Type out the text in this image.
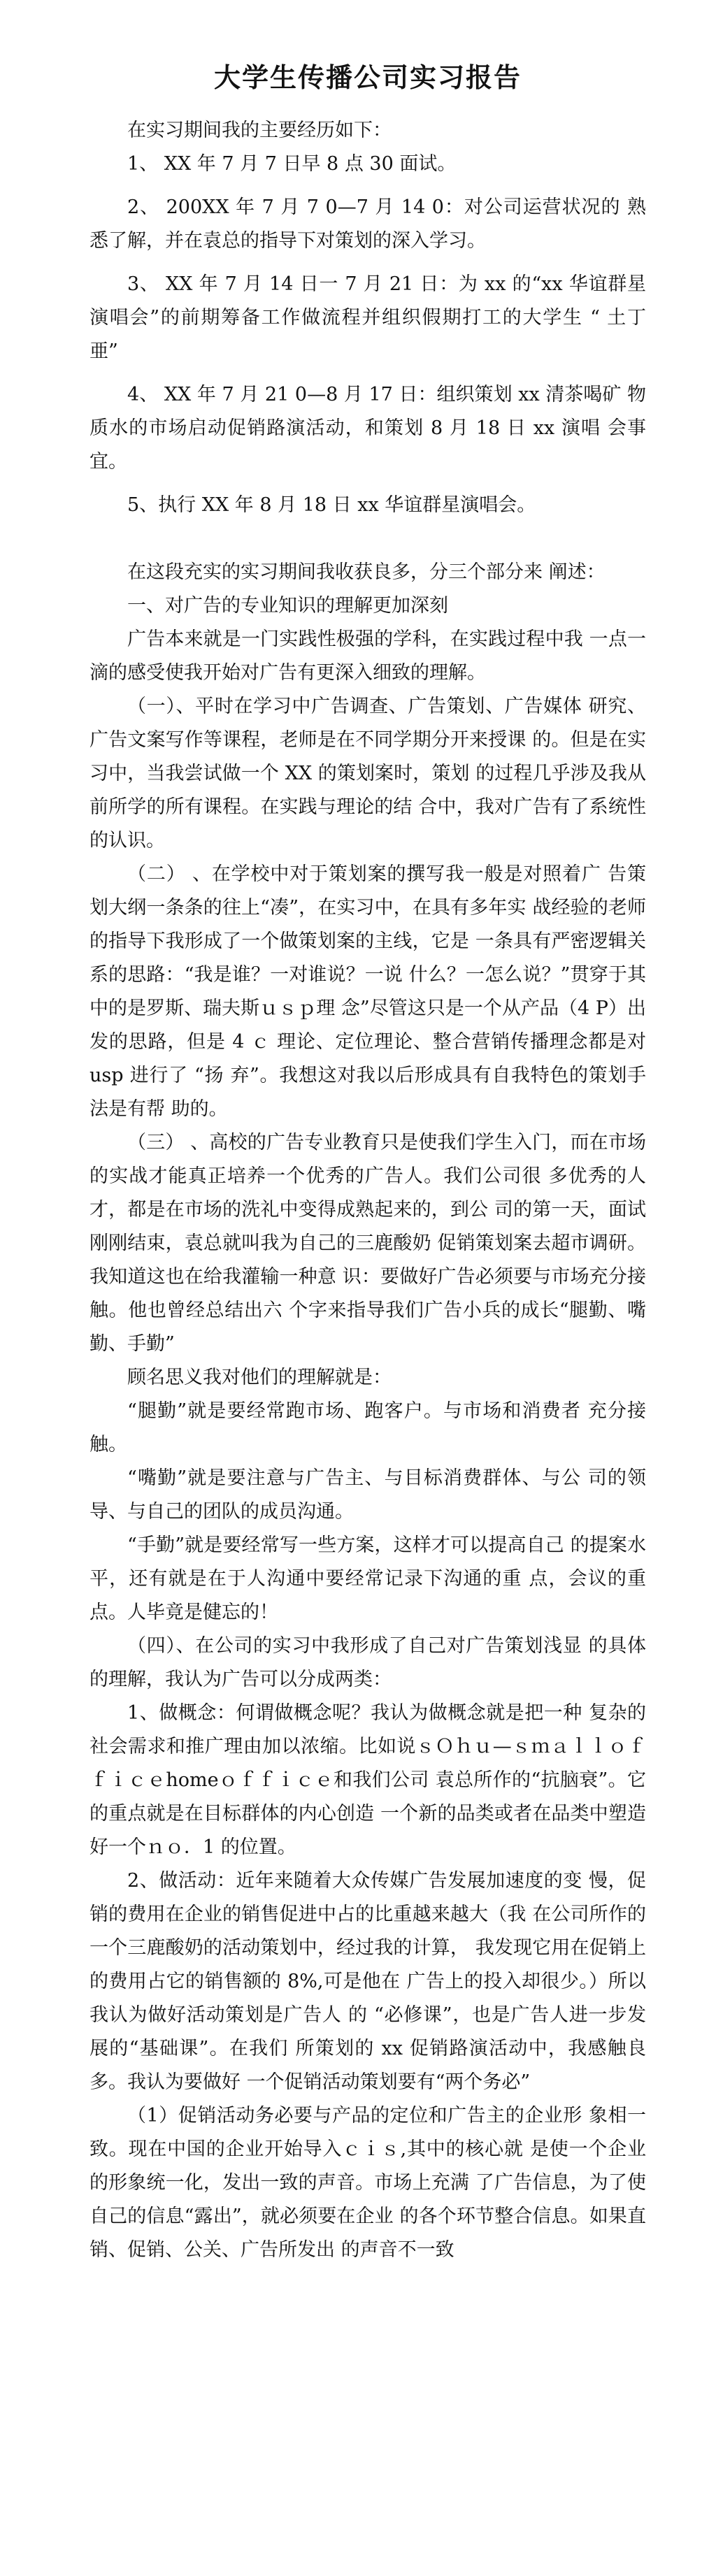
大学生传播公司实习报告

在实习期间我的主要经历如下：

1、 XX 年 7 月 7 日早 8 点 30 面试。

2、 200XX 年 7 月 7 0—7 月 14 0：对公司运营状况的 熟悉了解，并在袁总的指导下对策划的深入学习。

3、 XX 年 7 月 14 日一 7 月 21 日：为 xx 的“xx 华谊群星 演唱会”的前期筹备工作做流程并组织假期打工的大学生 “ 土丁 亜”

4、 XX 年 7 月 21 0—8 月 17 日：组织策划 xx 清茶喝矿 物质水的市场启动促销路演活动，和策划 8 月 18 日 xx 演唱 会事宜。

5、执行 XX 年 8 月 18 日 xx 华谊群星演唱会。

在这段充实的实习期间我收获良多，分三个部分来 阐述：

一、对广告的专业知识的理解更加深刻

广告本来就是一门实践性极强的学科，在实践过程中我 一点一滴的感受使我开始对广告有更深入细致的理解。

（一）、平时在学习中广告调查、广告策划、广告媒体 研究、广告文案写作等课程，老师是在不同学期分开来授课 的。但是在实习中，当我尝试做一个 XX 的策划案时，策划 的过程几乎涉及我从前所学的所有课程。在实践与理论的结 合中，我对广告有了系统性的认识。

（二） 、在学校中对于策划案的撰写我一般是对照着广 告策划大纲一条条的往上“凑”，在实习中，在具有多年实 战经验的老师的指导下我形成了一个做策划案的主线，它是 一条具有严密逻辑关系的思路：“我是谁？一对谁说？一说 什么？一怎么说？”贯穿于其中的是罗斯、瑞夫斯ｕｓｐ理 念”尽管这只是一个从产品（4 P）出发的思路，但是 4 ｃ 理论、定位理论、整合营销传播理念都是对 usp 进行了 “扬 弃”。我想这对我以后形成具有自我特色的策划手法是有帮 助的。

（三） 、高校的广告专业教育只是使我们学生入门，而在市场的实战才能真正培养一个优秀的广告人。我们公司很 多优秀的人才，都是在市场的洗礼中变得成熟起来的，到公 司的第一天，面试刚刚结束，袁总就叫我为自己的三鹿酸奶 促销策划案去超市调研。我知道这也在给我灌输一种意 识：要做好广告必须要与市场充分接触。他也曾经总结出六 个字来指导我们广告小兵的成长“腿勤、嘴勤、手勤”

顾名思义我对他们的理解就是：

“腿勤”就是要经常跑市场、跑客户。与市场和消费者 充分接触。

“嘴勤”就是要注意与广告主、与目标消费群体、与公 司的领导、与自己的团队的成员沟通。

“手勤”就是要经常写一些方案，这样才可以提高自己 的提案水平，还有就是在于人沟通中要经常记录下沟通的重 点，会议的重点。人毕竟是健忘的！

（四）、在公司的实习中我形成了自己对广告策划浅显 的具体的理解，我认为广告可以分成两类：

1、做概念：何谓做概念呢？我认为做概念就是把一种 复杂的社会需求和推广理由加以浓缩。比如说ｓＯｈｕ—ｓｍａｌｌｏｆｆｉｃｅhomeｏｆｆｉｃｅ和我们公司 袁总所作的“抗脑衰”。它的重点就是在目标群体的内心创造 一个新的品类或者在品类中塑造好一个ｎｏ．1 的位置。

2、做活动：近年来随着大众传媒广告发展加速度的变 慢，促销的费用在企业的销售促进中占的比重越来越大（我 在公司所作的一个三鹿酸奶的活动策划中，经过我的计算， 我发现它用在促销上的费用占它的销售额的 8%,可是他在 广告上的投入却很少。）所以我认为做好活动策划是广告人 的 “必修课”，也是广告人进一步发展的“基础课”。在我们 所策划的 xx 促销路演活动中，我感触良多。我认为要做好 一个促销活动策划要有“两个务必”

（1）促销活动务必要与产品的定位和广告主的企业形 象相一致。现在中国的企业开始导入ｃｉｓ,其中的核心就 是使一个企业的形象统一化，发出一致的声音。市场上充满 了广告信息，为了使自己的信息“露出”，就必须要在企业 的各个环节整合信息。如果直销、促销、公关、广告所发出 的声音不一致
